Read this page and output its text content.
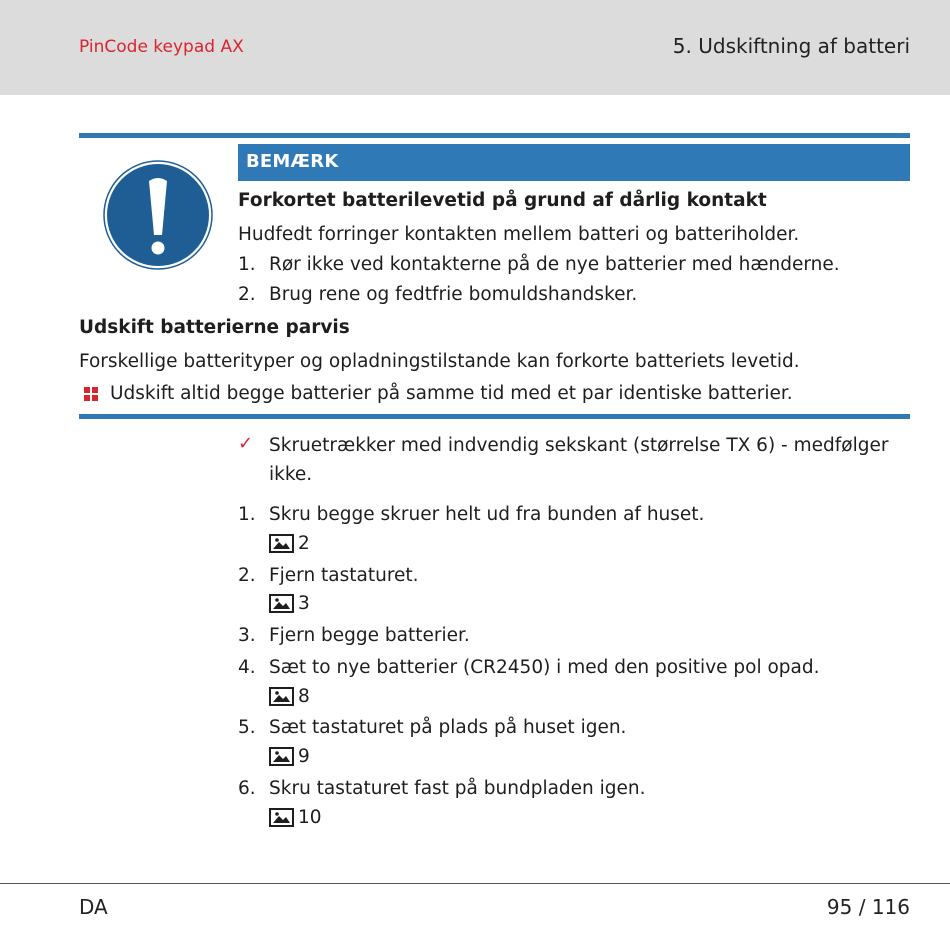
PinCode keypad AX	5. Udskiftning af batteri
BEMÆRK
Forkortet batterilevetid på grund af dårlig kontakt
Hudfedt forringer kontakten mellem batteri og batteriholder.
1. Rør ikke ved kontakterne på de nye batterier med hænderne.
2. Brug rene og fedtfrie bomuldshandsker.
Udskift batterierne parvis
Forskellige batterityper og opladningstilstande kan forkorte batteriets levetid.
Udskift altid begge batterier på samme tid med et par identiske batterier.
✓ Skruetrækker med indvendig sekskant (størrelse TX 6) - medfølger
ikke.
1. Skru begge skruer helt ud fra bunden af huset.
2
2. Fjern tastaturet.
3
3. Fjern begge batterier.
4. Sæt to nye batterier (CR2450) i med den positive pol opad.
8
5. Sæt tastaturet på plads på huset igen.
9
6. Skru tastaturet fast på bundpladen igen.
10
DA	95 / 116
